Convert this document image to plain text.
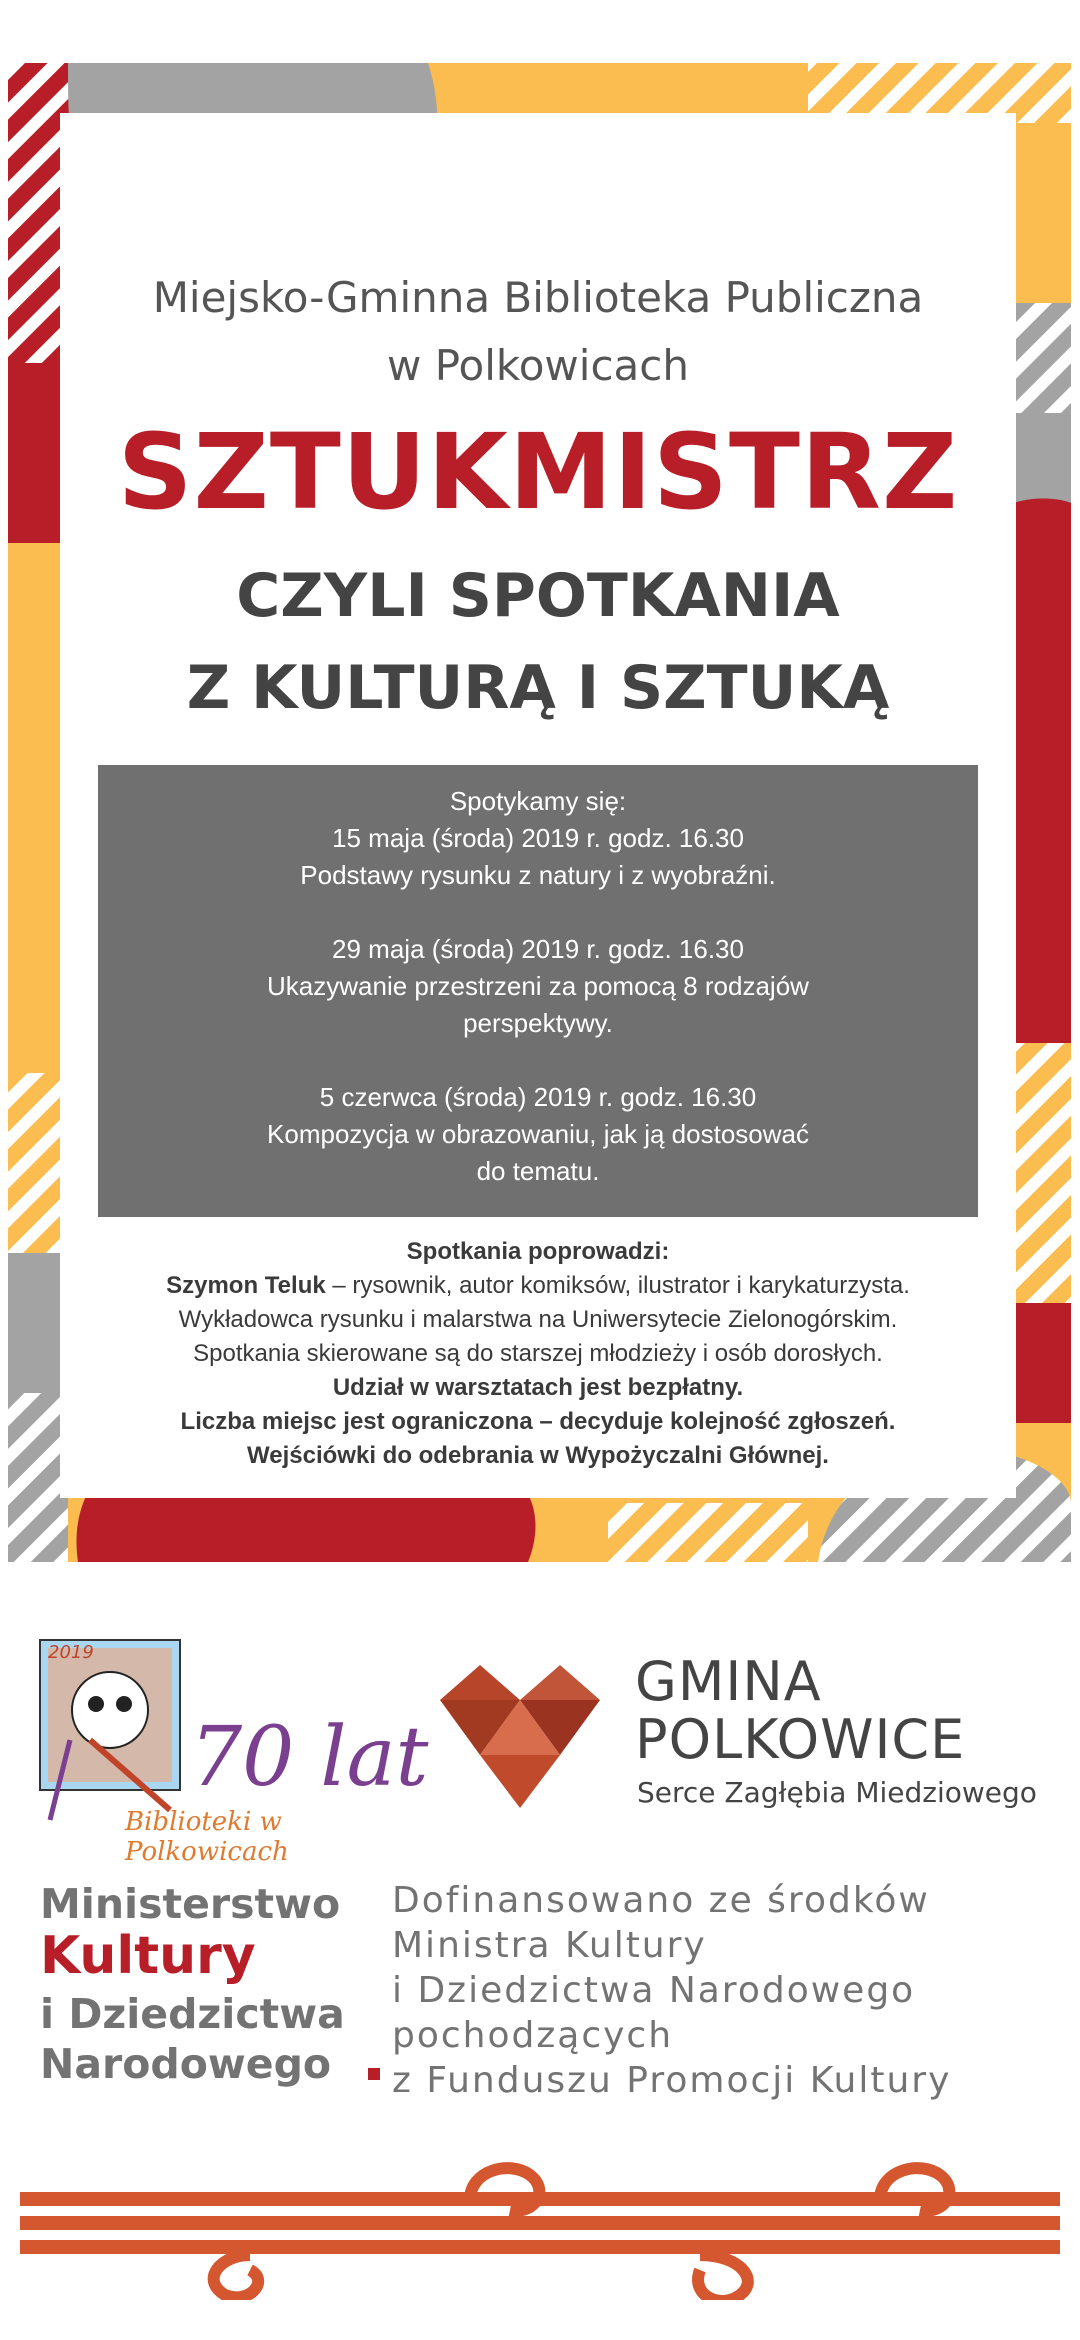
Miejsko-Gminna Biblioteka Publiczna
w Polkowicach
SZTUKMISTRZ
CZYLI SPOTKANIA
Z KULTURĄ I SZTUKĄ
Spotykamy się:
15 maja (środa) 2019 r. godz. 16.30
Podstawy rysunku z natury i z wyobraźni.
29 maja (środa) 2019 r. godz. 16.30
Ukazywanie przestrzeni za pomocą 8 rodzajów
perspektywy.
5 czerwca (środa) 2019 r. godz. 16.30
Kompozycja w obrazowaniu, jak ją dostosować
do tematu.
Spotkania poprowadzi:
Szymon Teluk – rysownik, autor komiksów, ilustrator i karykaturzysta.
Wykładowca rysunku i malarstwa na Uniwersytecie Zielonogórskim.
Spotkania skierowane są do starszej młodzieży i osób dorosłych.
Udział w warsztatach jest bezpłatny.
Liczba miejsc jest ograniczona – decyduje kolejność zgłoszeń.
Wejściówki do odebrania w Wypożyczalni Głównej.
2019
70 lat
Biblioteki w Polkowicach
GMINA
POLKOWICE
Serce Zagłębia Miedziowego
Ministerstwo
Kultury
i Dziedzictwa
Narodowego
Dofinansowano ze środków
Ministra Kultury
i Dziedzictwa Narodowego
pochodzących
z Funduszu Promocji Kultury
